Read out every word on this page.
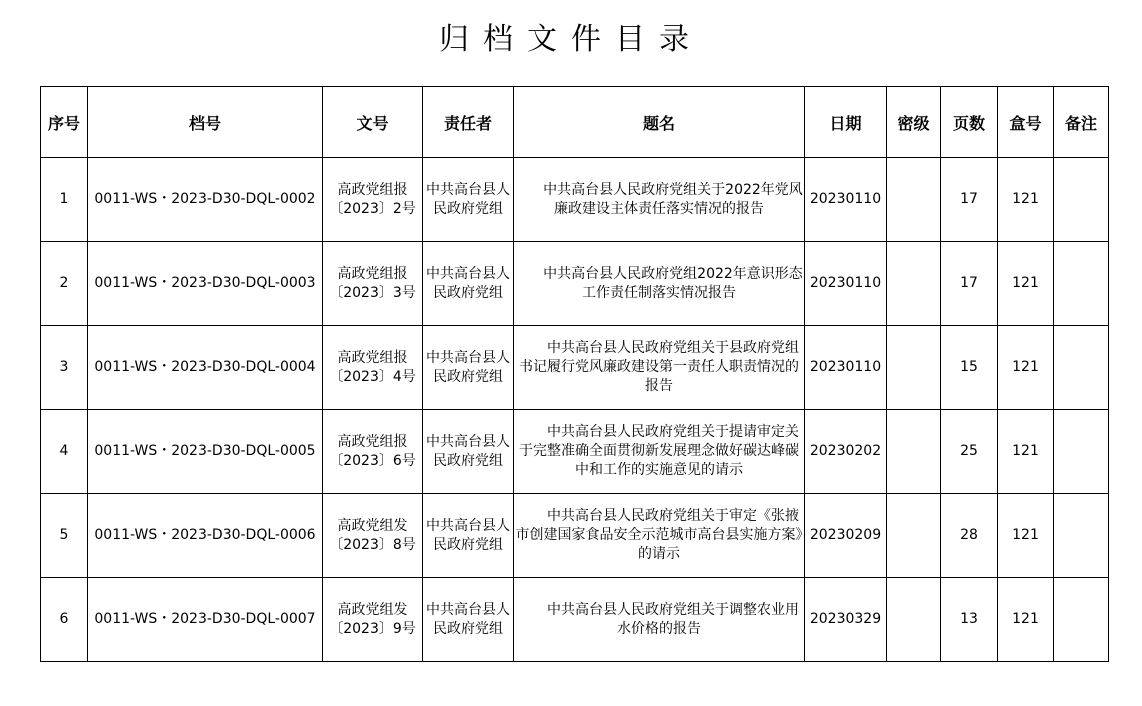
归档文件目录
序号	档号	文号	责任者	题名	日期	密级	页数	盒号	备注
1	0011-WS・2023-D30-DQL-0002	高政党组报〔2023〕2号	中共高台县人民政府党组	中共高台县人民政府党组关于2022年党风廉政建设主体责任落实情况的报告	20230110		17	121	
2	0011-WS・2023-D30-DQL-0003	高政党组报〔2023〕3号	中共高台县人民政府党组	中共高台县人民政府党组2022年意识形态工作责任制落实情况报告	20230110		17	121	
3	0011-WS・2023-D30-DQL-0004	高政党组报〔2023〕4号	中共高台县人民政府党组	中共高台县人民政府党组关于县政府党组书记履行党风廉政建设第一责任人职责情况的报告	20230110		15	121	
4	0011-WS・2023-D30-DQL-0005	高政党组报〔2023〕6号	中共高台县人民政府党组	中共高台县人民政府党组关于提请审定关于完整准确全面贯彻新发展理念做好碳达峰碳中和工作的实施意见的请示	20230202		25	121	
5	0011-WS・2023-D30-DQL-0006	高政党组发〔2023〕8号	中共高台县人民政府党组	中共高台县人民政府党组关于审定《张掖市创建国家食品安全示范城市高台县实施方案》的请示	20230209		28	121	
6	0011-WS・2023-D30-DQL-0007	高政党组发〔2023〕9号	中共高台县人民政府党组	中共高台县人民政府党组关于调整农业用水价格的报告	20230329		13	121	
